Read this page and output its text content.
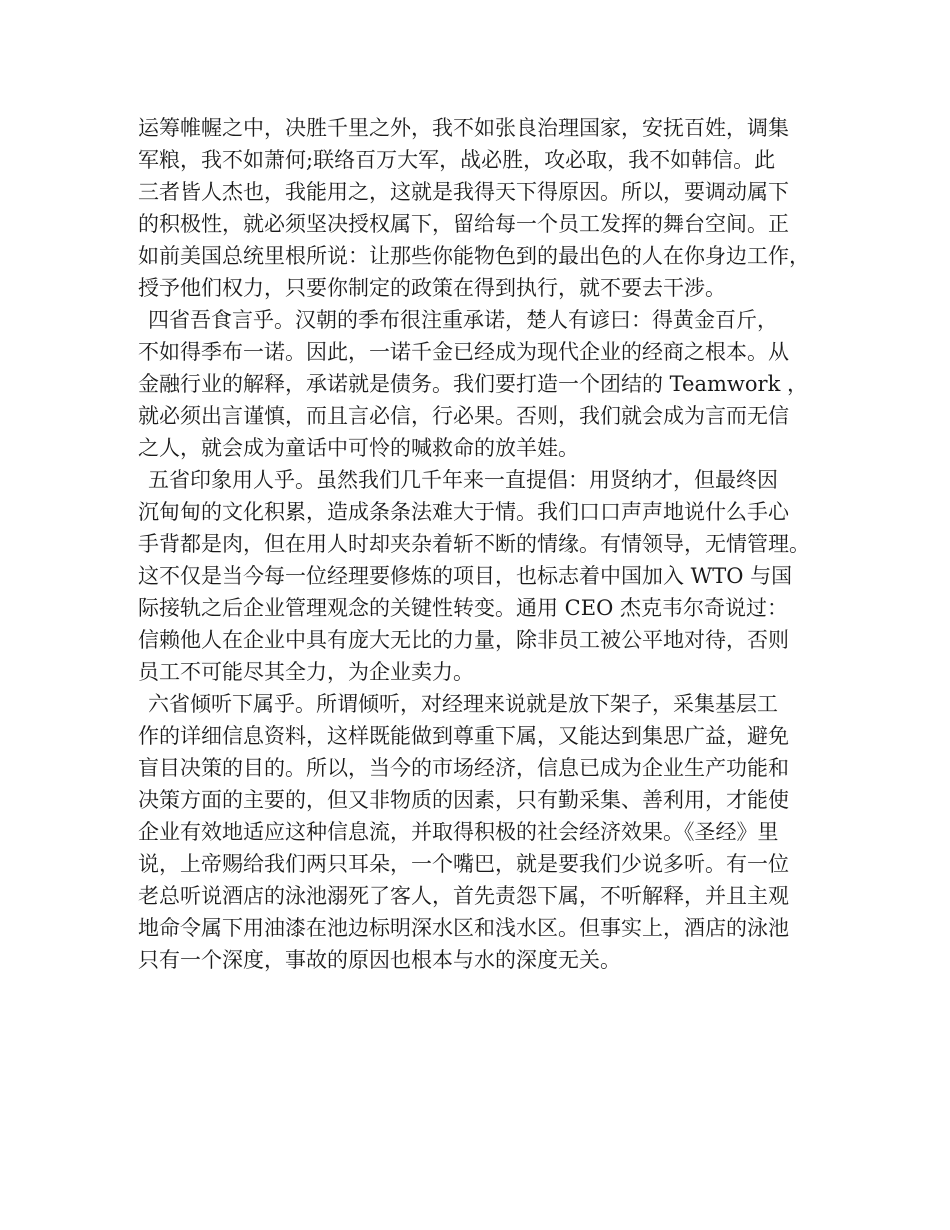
运筹帷幄之中，决胜千里之外，我不如张良治理国家，安抚百姓，调集
军粮，我不如萧何;联络百万大军，战必胜，攻必取，我不如韩信。此
三者皆人杰也，我能用之，这就是我得天下得原因。所以，要调动属下
的积极性，就必须坚决授权属下，留给每一个员工发挥的舞台空间。正
如前美国总统里根所说：让那些你能物色到的最出色的人在你身边工作，
授予他们权力，只要你制定的政策在得到执行，就不要去干涉。
四省吾食言乎。汉朝的季布很注重承诺，楚人有谚曰：得黄金百斤，
不如得季布一诺。因此，一诺千金已经成为现代企业的经商之根本。从
金融行业的解释，承诺就是债务。我们要打造一个团结的 Teamwork ，
就必须出言谨慎，而且言必信，行必果。否则，我们就会成为言而无信
之人，就会成为童话中可怜的喊救命的放羊娃。
五省印象用人乎。虽然我们几千年来一直提倡：用贤纳才，但最终因
沉甸甸的文化积累，造成条条法难大于情。我们口口声声地说什么手心
手背都是肉，但在用人时却夹杂着斩不断的情缘。有情领导，无情管理。
这不仅是当今每一位经理要修炼的项目，也标志着中国加入 WTO 与国
际接轨之后企业管理观念的关键性转变。通用 CEO 杰克韦尔奇说过：
信赖他人在企业中具有庞大无比的力量，除非员工被公平地对待，否则
员工不可能尽其全力，为企业卖力。
六省倾听下属乎。所谓倾听，对经理来说就是放下架子，采集基层工
作的详细信息资料，这样既能做到尊重下属，又能达到集思广益，避免
盲目决策的目的。所以，当今的市场经济，信息已成为企业生产功能和
决策方面的主要的，但又非物质的因素，只有勤采集、善利用，才能使
企业有效地适应这种信息流，并取得积极的社会经济效果。《圣经》里
说，上帝赐给我们两只耳朵，一个嘴巴，就是要我们少说多听。有一位
老总听说酒店的泳池溺死了客人，首先责怨下属，不听解释，并且主观
地命令属下用油漆在池边标明深水区和浅水区。但事实上，酒店的泳池
只有一个深度，事故的原因也根本与水的深度无关。
